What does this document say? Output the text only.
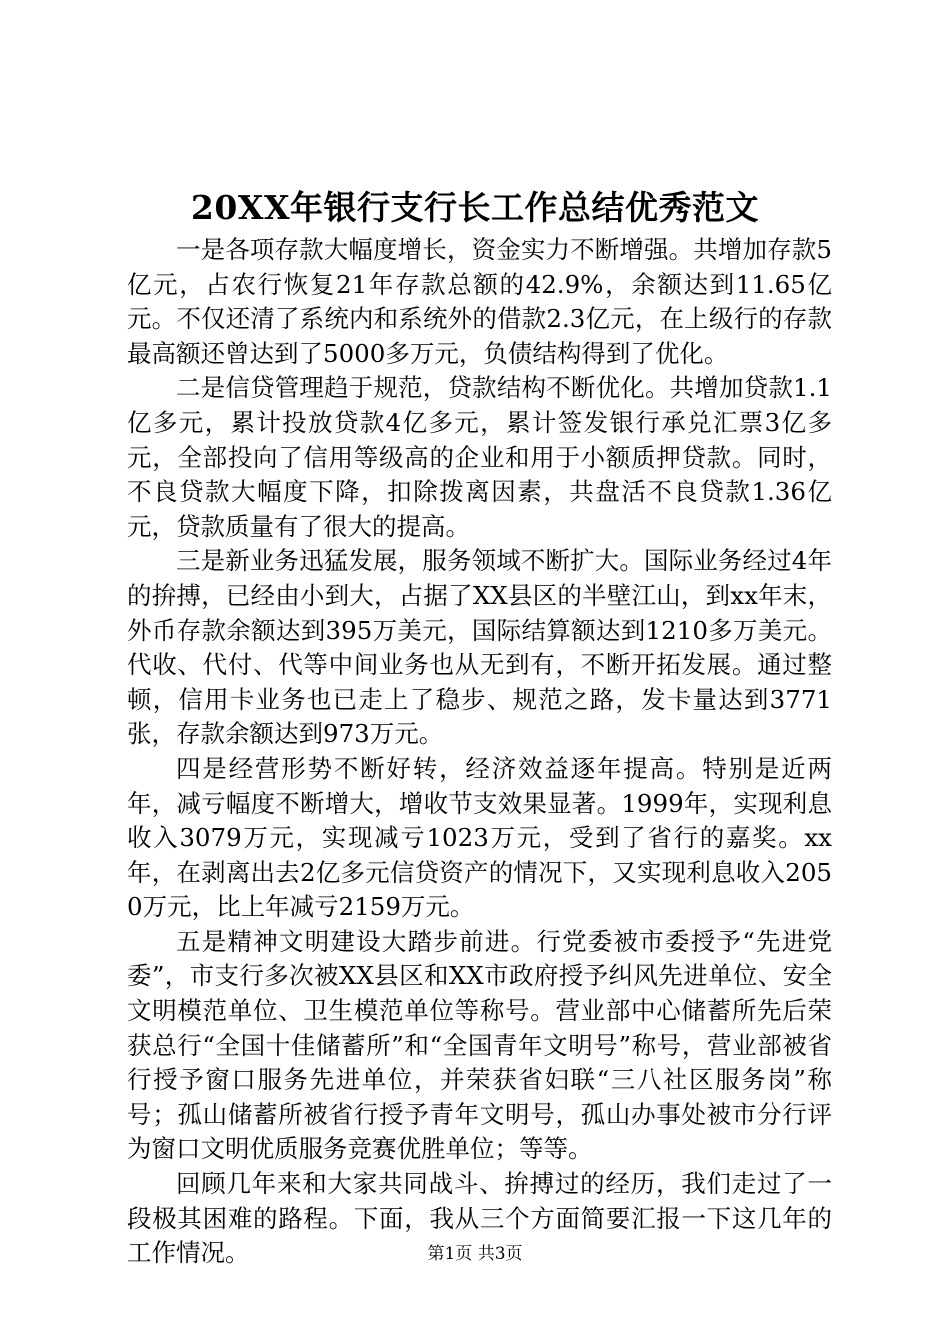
20XX年银行支行长工作总结优秀范文

一是各项存款大幅度增长，资金实力不断增强。共增加存款5亿元，占农行恢复21年存款总额的42.9%，余额达到11.65亿元。不仅还清了系统内和系统外的借款2.3亿元，在上级行的存款最高额还曾达到了5000多万元，负债结构得到了优化。

二是信贷管理趋于规范，贷款结构不断优化。共增加贷款1.1亿多元，累计投放贷款4亿多元，累计签发银行承兑汇票3亿多元，全部投向了信用等级高的企业和用于小额质押贷款。同时，不良贷款大幅度下降，扣除拨离因素，共盘活不良贷款1.36亿元，贷款质量有了很大的提高。

三是新业务迅猛发展，服务领域不断扩大。国际业务经过4年的拚搏，已经由小到大，占据了XX县区的半壁江山，到xx年末，外币存款余额达到395万美元，国际结算额达到1210多万美元。代收、代付、代等中间业务也从无到有，不断开拓发展。通过整顿，信用卡业务也已走上了稳步、规范之路，发卡量达到3771张，存款余额达到973万元。

四是经营形势不断好转，经济效益逐年提高。特别是近两年，减亏幅度不断增大，增收节支效果显著。1999年，实现利息收入3079万元，实现减亏1023万元，受到了省行的嘉奖。xx年，在剥离出去2亿多元信贷资产的情况下，又实现利息收入2050万元，比上年减亏2159万元。

五是精神文明建设大踏步前进。行党委被市委授予“先进党委”，市支行多次被XX县区和XX市政府授予纠风先进单位、安全文明模范单位、卫生模范单位等称号。营业部中心储蓄所先后荣获总行“全国十佳储蓄所”和“全国青年文明号”称号，营业部被省行授予窗口服务先进单位，并荣获省妇联“三八社区服务岗”称号；孤山储蓄所被省行授予青年文明号，孤山办事处被市分行评为窗口文明优质服务竞赛优胜单位；等等。

回顾几年来和大家共同战斗、拚搏过的经历，我们走过了一段极其困难的路程。下面，我从三个方面简要汇报一下这几年的工作情况。	第1页 共3页
